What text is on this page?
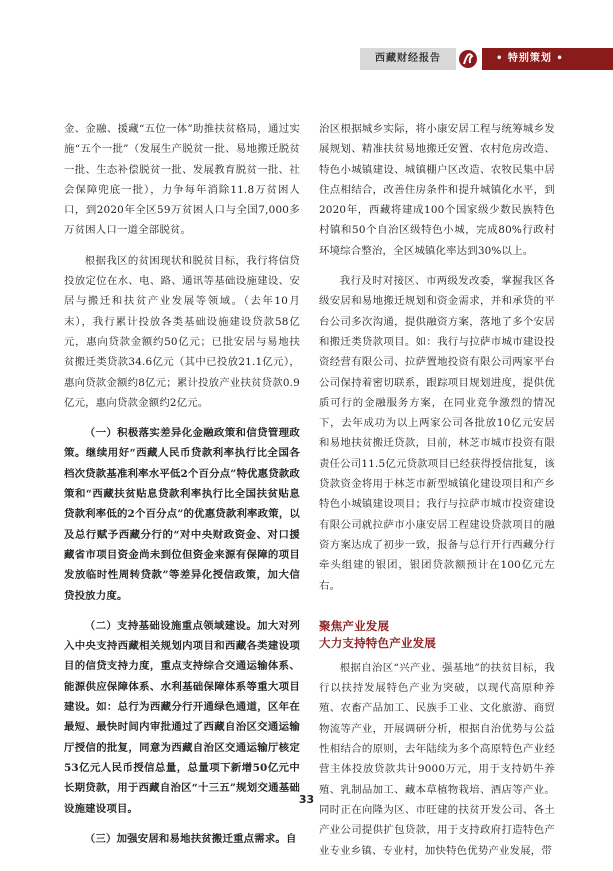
西藏财经报告	• 特别策划 •

金、金融、援藏“五位一体”助推扶贫格局，通过实施“五个一批”（发展生产脱贫一批、易地搬迁脱贫一批、生态补偿脱贫一批、发展教育脱贫一批、社会保障兜底一批），力争每年消除11.8万贫困人口，到2020年全区59万贫困人口与全国7,000多万贫困人口一道全部脱贫。

根据我区的贫困现状和脱贫目标，我行将信贷投放定位在水、电、路、通讯等基础设施建设、安居与搬迁和扶贫产业发展等领域。（去年10月末），我行累计投放各类基础设施建设贷款58亿元，惠向贷款金额约50亿元；已批安居与易地扶贫搬迁类贷款34.6亿元（其中已投放21.1亿元），惠向贷款金额约8亿元；累计投放产业扶贫贷款0.9亿元，惠向贷款金额约2亿元。

（一）积极落实差异化金融政策和信贷管理政策。继续用好“西藏人民币贷款利率执行比全国各档次贷款基准利率水平低2个百分点”特优惠贷款政策和“西藏扶贫贴息贷款利率执行比全国扶贫贴息贷款利率低的2个百分点”的优惠贷款利率政策，以及总行赋予西藏分行的“对中央财政资金、对口援藏省市项目资金尚未到位但资金来源有保障的项目发放临时性周转贷款”等差异化授信政策，加大信贷投放力度。

（二）支持基础设施重点领域建设。加大对列入中央支持西藏相关规划内项目和西藏各类建设项目的信贷支持力度，重点支持综合交通运输体系、能源供应保障体系、水利基础保障体系等重大项目建设。如：总行为西藏分行开通绿色通道，区年在最短、最快时间内审批通过了西藏自治区交通运输厅授信的批复，同意为西藏自治区交通运输厅核定53亿元人民币授信总量，总量项下新增50亿元中长期贷款，用于西藏自治区“十三五”规划交通基础设施建设项目。

（三）加强安居和易地扶贫搬迁重点需求。自

治区根据城乡实际，将小康安居工程与统筹城乡发展规划、精准扶贫易地搬迁安置、农村危房改造、特色小城镇建设、城镇棚户区改造、农牧民集中居住点相结合，改善住房条件和提升城镇化水平，到2020年，西藏将建成100个国家级少数民族特色村镇和50个自治区级特色小城，完成80%行政村环境综合整治，全区城镇化率达到30%以上。

我行及时对接区、市两级发改委，掌握我区各级安居和易地搬迁规划和资金需求，并和承贷的平台公司多次沟通，提供融资方案，落地了多个安居和搬迁类贷款项目。如：我行与拉萨市城市建设投资经营有限公司、拉萨置地投资有限公司两家平台公司保持着密切联系，跟踪项目规划进度，提供优质可行的金融服务方案，在同业竞争激烈的情况下，去年成功为以上两家公司各批放10亿元安居和易地扶贫搬迁贷款，目前，林芝市城市投资有限责任公司11.5亿元贷款项目已经获得授信批复，该贷款资金将用于林芝市新型城镇化建设项目和产乡特色小城镇建设项目；我行与拉萨市城市投资建设有限公司就拉萨市小康安居工程建设贷款项目的融资方案达成了初步一致，报备与总行开行西藏分行牵头组建的银团，银团贷款额预计在100亿元左右。

聚焦产业发展
大力支持特色产业发展

根据自治区“兴产业、强基地”的扶贫目标，我行以扶持发展特色产业为突破，以现代高原种养殖、农畜产品加工、民族手工业、文化旅游、商贸物流等产业，开展调研分析，根据自治优势与公益性相结合的原则，去年陆续为多个高原特色产业经营主体投放贷款共计9000万元，用于支持奶牛养殖、乳制品加工、藏本草植物栽培、酒店等产业。同时正在向隆为区、市旺建的扶贫开发公司、各土产业公司提供扩包贷款，用于支持政府打造特色产业专业乡镇、专业村，加快特色优势产业发展，带

33
